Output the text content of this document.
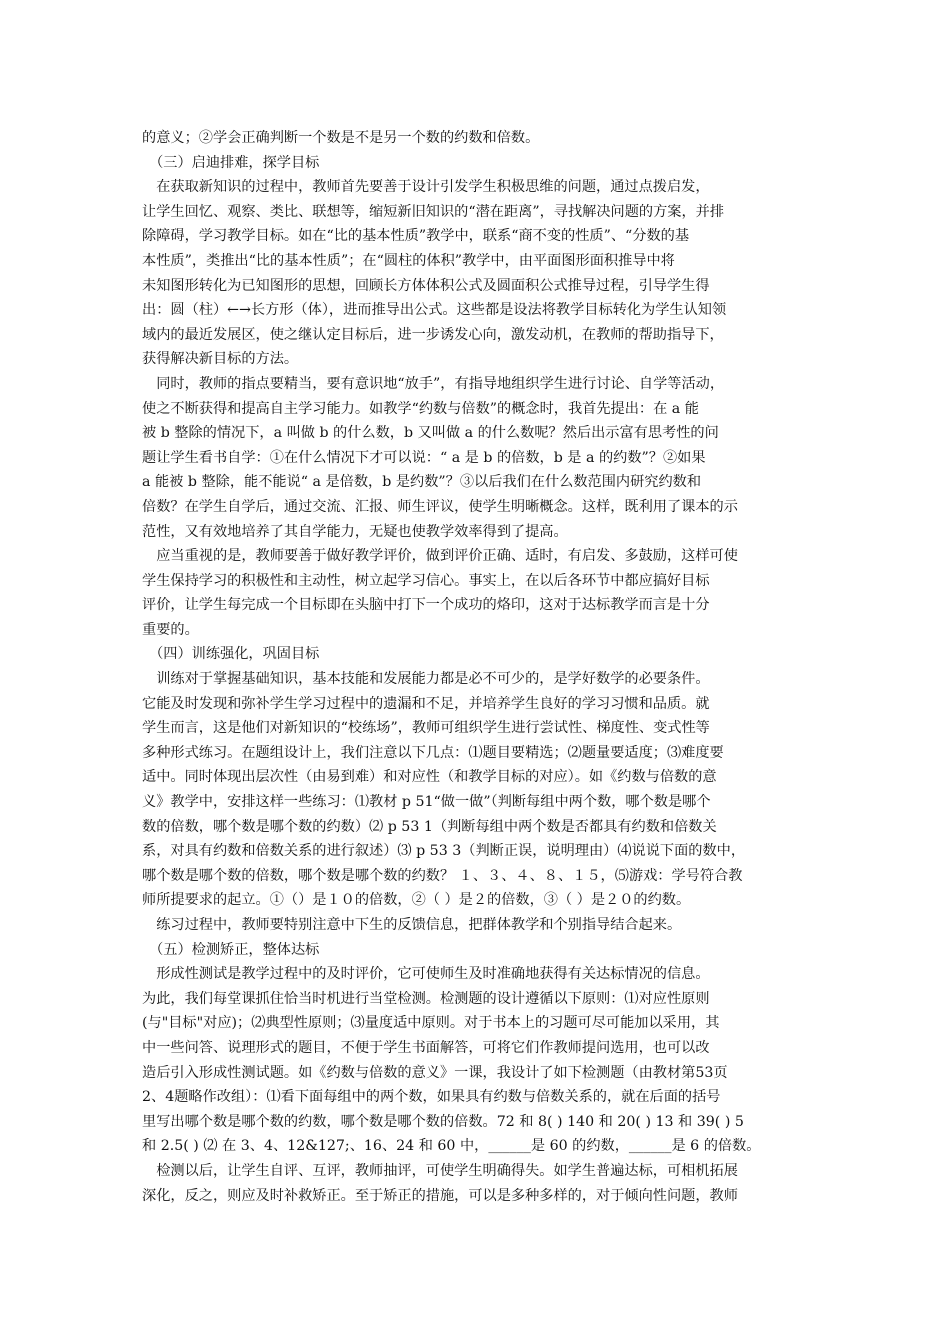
的意义；②学会正确判断一个数是不是另一个数的约数和倍数。
　（三）启迪排难，探学目标
　在获取新知识的过程中，教师首先要善于设计引发学生积极思维的问题，通过点拨启发，
让学生回忆、观察、类比、联想等，缩短新旧知识的“潜在距离”，寻找解决问题的方案，并排
除障碍，学习教学目标。如在“比的基本性质”教学中，联系“商不变的性质”、“分数的基
本性质”，类推出“比的基本性质”；在“圆柱的体积”教学中，由平面图形面积推导中将
未知图形转化为已知图形的思想，回顾长方体体积公式及圆面积公式推导过程，引导学生得
出：圆（柱）←→长方形（体），进而推导出公式。这些都是设法将教学目标转化为学生认知领
域内的最近发展区，使之继认定目标后，进一步诱发心向，激发动机，在教师的帮助指导下，
获得解决新目标的方法。
　同时，教师的指点要精当，要有意识地“放手”，有指导地组织学生进行讨论、自学等活动，
使之不断获得和提高自主学习能力。如教学“约数与倍数”的概念时，我首先提出：在 a 能
被 b 整除的情况下，a 叫做 b 的什么数，b 又叫做 a 的什么数呢？然后出示富有思考性的问
题让学生看书自学：①在什么情况下才可以说：“ a 是 b 的倍数，b 是 a 的约数”？②如果
a 能被 b 整除，能不能说“ a 是倍数，b 是约数”？③以后我们在什么数范围内研究约数和
倍数？在学生自学后，通过交流、汇报、师生评议，使学生明晰概念。这样，既利用了课本的示
范性，又有效地培养了其自学能力，无疑也使教学效率得到了提高。
　应当重视的是，教师要善于做好教学评价，做到评价正确、适时，有启发、多鼓励，这样可使
学生保持学习的积极性和主动性，树立起学习信心。事实上，在以后各环节中都应搞好目标
评价，让学生每完成一个目标即在头脑中打下一个成功的烙印，这对于达标教学而言是十分
重要的。
　（四）训练强化，巩固目标
　训练对于掌握基础知识，基本技能和发展能力都是必不可少的，是学好数学的必要条件。
它能及时发现和弥补学生学习过程中的遗漏和不足，并培养学生良好的学习习惯和品质。就
学生而言，这是他们对新知识的“校练场”，教师可组织学生进行尝试性、梯度性、变式性等
多种形式练习。在题组设计上，我们注意以下几点：⑴题目要精选；⑵题量要适度；⑶难度要
适中。同时体现出层次性（由易到难）和对应性（和教学目标的对应）。如《约数与倍数的意
义》教学中，安排这样一些练习：⑴教材 p 51“做一做”（判断每组中两个数，哪个数是哪个
数的倍数，哪个数是哪个数的约数）⑵ p 53 1（判断每组中两个数是否都具有约数和倍数关
系，对具有约数和倍数关系的进行叙述）⑶ p 53 3（判断正误，说明理由）⑷说说下面的数中，
哪个数是哪个数的倍数，哪个数是哪个数的约数？ １、３、４、８、１５，⑸游戏：学号符合教
师所提要求的起立。①（）是１０的倍数，②（ ）是２的倍数，③（ ）是２０的约数。
　练习过程中，教师要特别注意中下生的反馈信息，把群体教学和个别指导结合起来。
　（五）检测矫正，整体达标
　形成性测试是教学过程中的及时评价，它可使师生及时准确地获得有关达标情况的信息。
为此，我们每堂课抓住恰当时机进行当堂检测。检测题的设计遵循以下原则：⑴对应性原则
(与"目标"对应)；⑵典型性原则；⑶量度适中原则。对于书本上的习题可尽可能加以采用，其
中一些问答、说理形式的题目，不便于学生书面解答，可将它们作教师提问选用，也可以改
造后引入形成性测试题。如《约数与倍数的意义》一课，我设计了如下检测题（由教材第53页
2、4题略作改组）：⑴看下面每组中的两个数，如果具有约数与倍数关系的，就在后面的括号
里写出哪个数是哪个数的约数，哪个数是哪个数的倍数。72 和 8( ) 140 和 20( ) 13 和 39( ) 5
和 2.5( ) ⑵ 在 3、4、12&127;、16、24 和 60 中，______是 60 的约数，______是 6 的倍数。
　检测以后，让学生自评、互评，教师抽评，可使学生明确得失。如学生普遍达标，可相机拓展
深化，反之，则应及时补救矫正。至于矫正的措施，可以是多种多样的，对于倾向性问题，教师
